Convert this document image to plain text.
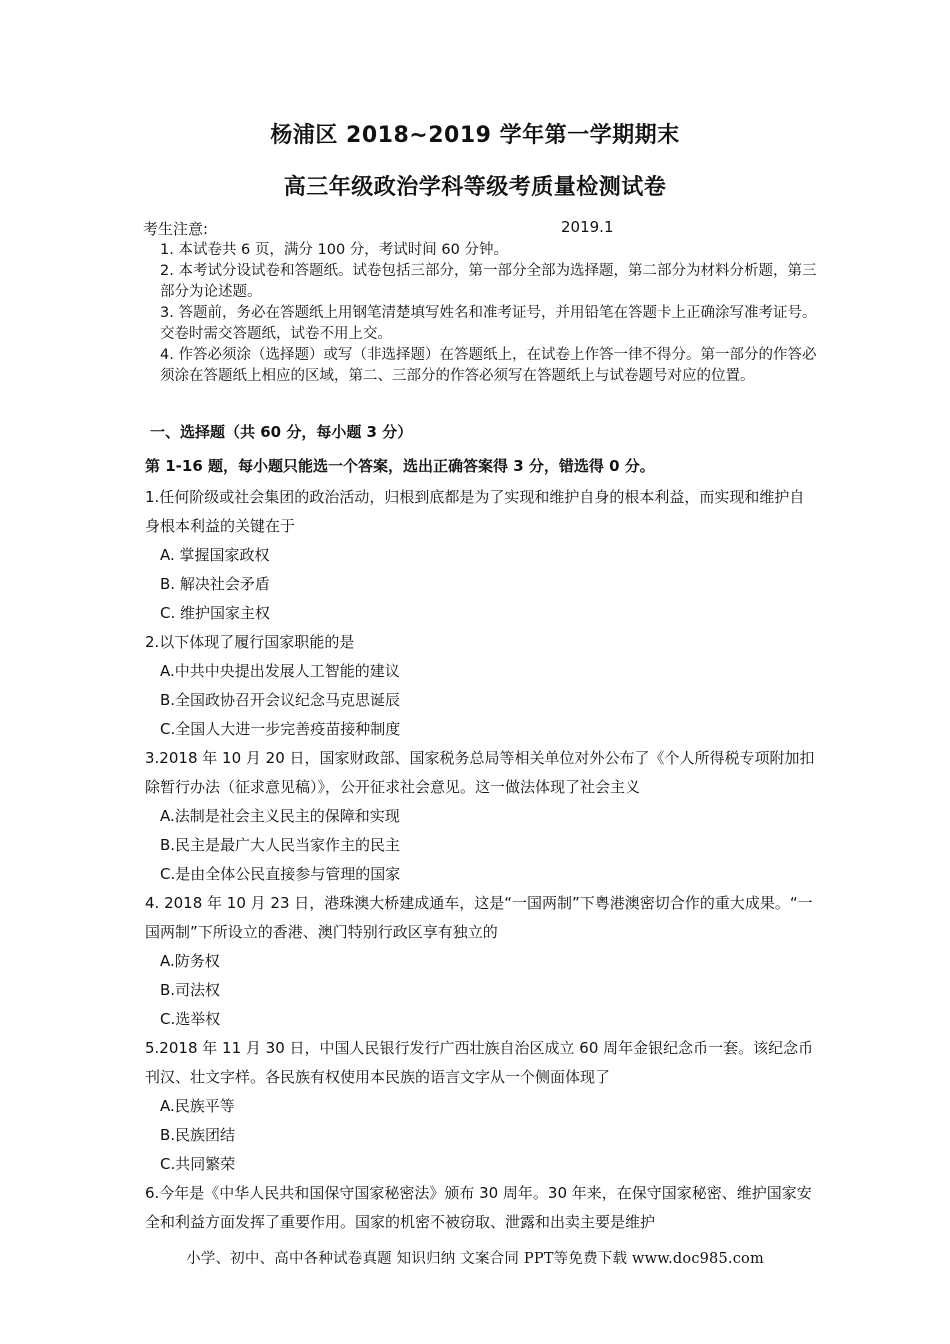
杨浦区 2018~2019 学年第一学期期末
高三年级政治学科等级考质量检测试卷
考生注意:	2019.1

1. 本试卷共 6 页，满分 100 分，考试时间 60 分钟。

2. 本考试分设试卷和答题纸。试卷包括三部分，第一部分全部为选择题，第二部分为材料分析题，第三部分为论述题。

3. 答题前，务必在答题纸上用钢笔清楚填写姓名和准考证号，并用铅笔在答题卡上正确涂写准考证号。交卷时需交答题纸，试卷不用上交。

4. 作答必须涂（选择题）或写（非选择题）在答题纸上，在试卷上作答一律不得分。第一部分的作答必须涂在答题纸上相应的区域，第二、三部分的作答必须写在答题纸上与试卷题号对应的位置。

一、选择题（共 60 分，每小题 3 分）
第 1-16 题，每小题只能选一个答案，选出正确答案得 3 分，错选得 0 分。

1.任何阶级或社会集团的政治活动，归根到底都是为了实现和维护自身的根本利益，而实现和维护自身根本利益的关键在于

A. 掌握国家政权

B. 解决社会矛盾

C. 维护国家主权

2.以下体现了履行国家职能的是

A.中共中央提出发展人工智能的建议

B.全国政协召开会议纪念马克思诞辰

C.全国人大进一步完善疫苗接种制度

3.2018 年 10 月 20 日，国家财政部、国家税务总局等相关单位对外公布了《个人所得税专项附加扣除暂行办法（征求意见稿）》，公开征求社会意见。这一做法体现了社会主义

A.法制是社会主义民主的保障和实现

B.民主是最广大人民当家作主的民主

C.是由全体公民直接参与管理的国家

4. 2018 年 10 月 23 日，港珠澳大桥建成通车，这是“一国两制”下粤港澳密切合作的重大成果。“一国两制”下所设立的香港、澳门特别行政区享有独立的

A.防务权

B.司法权

C.选举权

5.2018 年 11 月 30 日，中国人民银行发行广西壮族自治区成立 60 周年金银纪念币一套。该纪念币刊汉、壮文字样。各民族有权使用本民族的语言文字从一个侧面体现了

A.民族平等

B.民族团结

C.共同繁荣

6.今年是《中华人民共和国保守国家秘密法》颁布 30 周年。30 年来，在保守国家秘密、维护国家安全和利益方面发挥了重要作用。国家的机密不被窃取、泄露和出卖主要是维护

小学、初中、高中各种试卷真题 知识归纳 文案合同 PPT等免费下载 www.doc985.com
